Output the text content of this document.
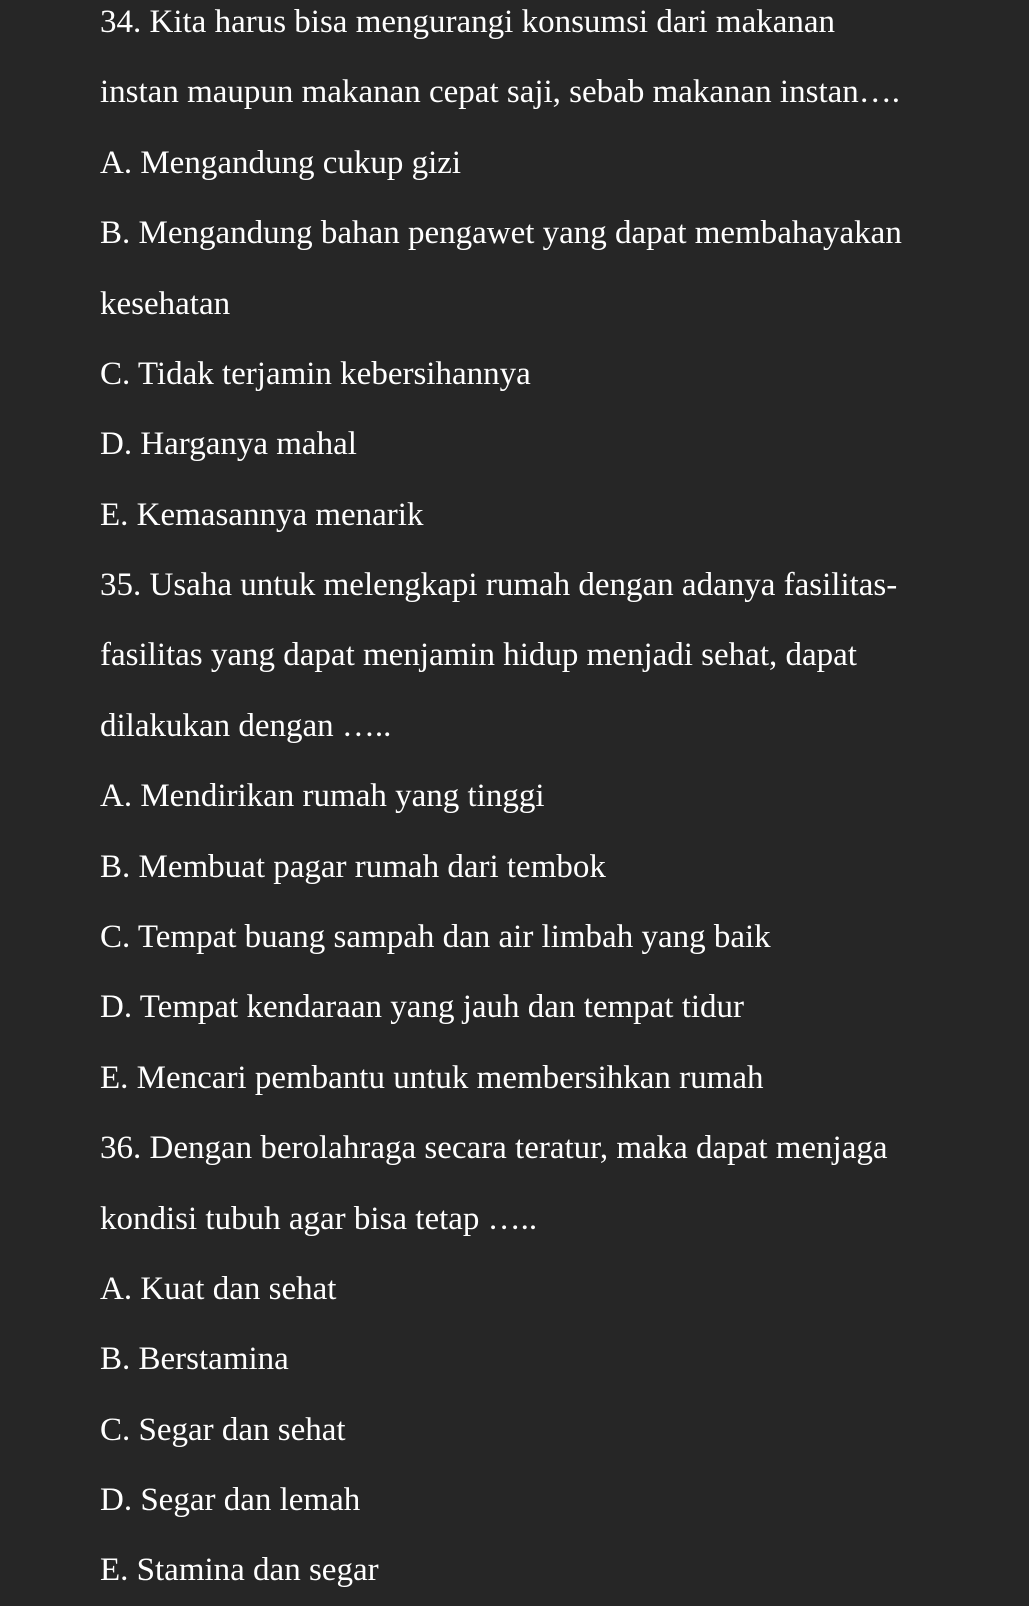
34. Kita harus bisa mengurangi konsumsi dari makanan
instan maupun makanan cepat saji, sebab makanan instan….
A. Mengandung cukup gizi
B. Mengandung bahan pengawet yang dapat membahayakan
kesehatan
C. Tidak terjamin kebersihannya
D. Harganya mahal
E. Kemasannya menarik
35. Usaha untuk melengkapi rumah dengan adanya fasilitas-
fasilitas yang dapat menjamin hidup menjadi sehat, dapat
dilakukan dengan …..
A. Mendirikan rumah yang tinggi
B. Membuat pagar rumah dari tembok
C. Tempat buang sampah dan air limbah yang baik
D. Tempat kendaraan yang jauh dan tempat tidur
E. Mencari pembantu untuk membersihkan rumah
36. Dengan berolahraga secara teratur, maka dapat menjaga
kondisi tubuh agar bisa tetap …..
A. Kuat dan sehat
B. Berstamina
C. Segar dan sehat
D. Segar dan lemah
E. Stamina dan segar
